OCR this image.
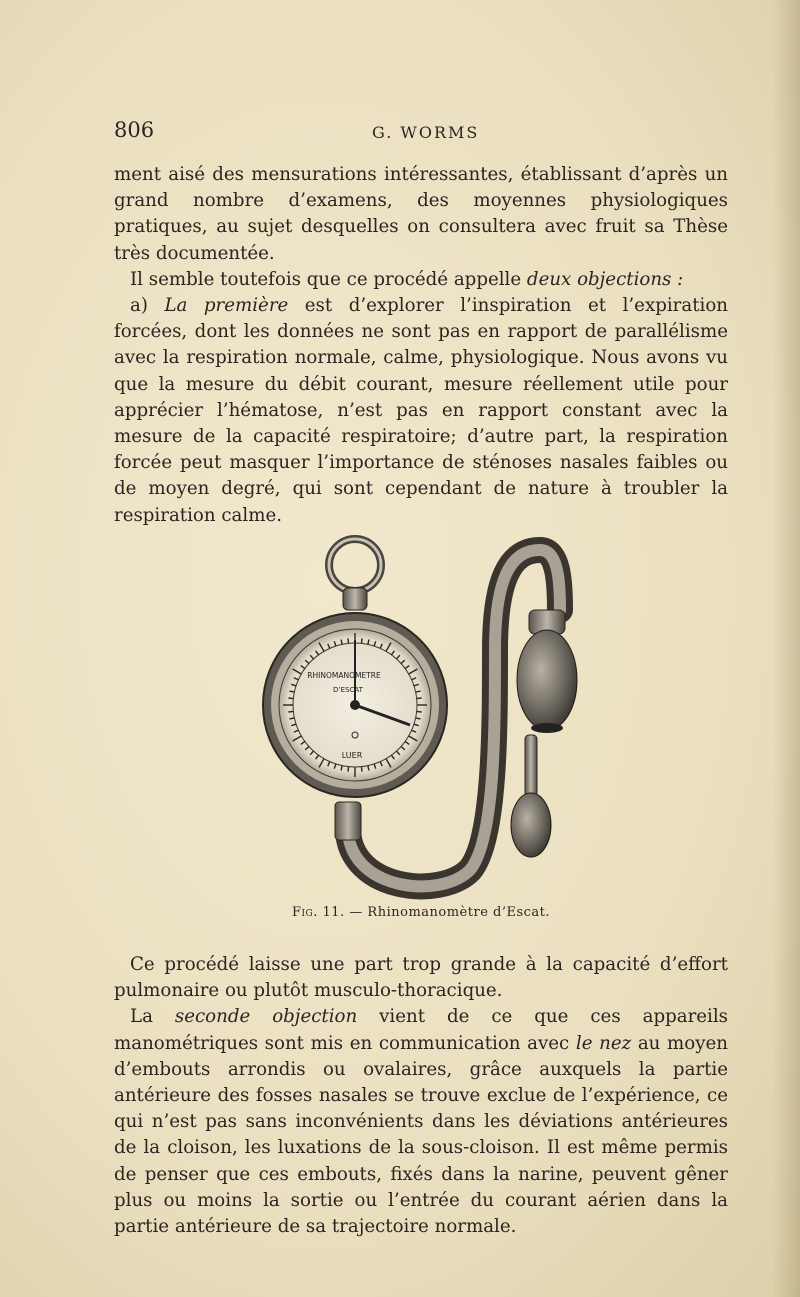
806	G. WORMS

ment aisé des mensurations intéressantes, établissant d’après un grand nombre d’examens, des moyennes physiologiques pratiques, au sujet desquelles on consultera avec fruit sa Thèse très documentée.

Il semble toutefois que ce procédé appelle deux objections :

a) La première est d’explorer l’inspiration et l’expiration forcées, dont les données ne sont pas en rapport de parallélisme avec la respiration normale, calme, physiologique. Nous avons vu que la mesure du débit courant, mesure réellement utile pour apprécier l’hématose, n’est pas en rapport constant avec la mesure de la capacité respiratoire; d’autre part, la respiration forcée peut masquer l’importance de sténoses nasales faibles ou de moyen degré, qui sont cependant de nature à troubler la respiration calme.

RHINOMANOMETRE
D’ESCAT
LUER
Fig. 11. — Rhinomanomètre d’Escat.

Ce procédé laisse une part trop grande à la capacité d’effort pulmonaire ou plutôt musculo-thoracique.

La seconde objection vient de ce que ces appareils manométriques sont mis en communication avec le nez au moyen d’embouts arrondis ou ovalaires, grâce auxquels la partie antérieure des fosses nasales se trouve exclue de l’expérience, ce qui n’est pas sans inconvénients dans les déviations antérieures de la cloison, les luxations de la sous-cloison. Il est même permis de penser que ces embouts, fixés dans la narine, peuvent gêner plus ou moins la sortie ou l’entrée du courant aérien dans la partie antérieure de sa trajectoire normale.
